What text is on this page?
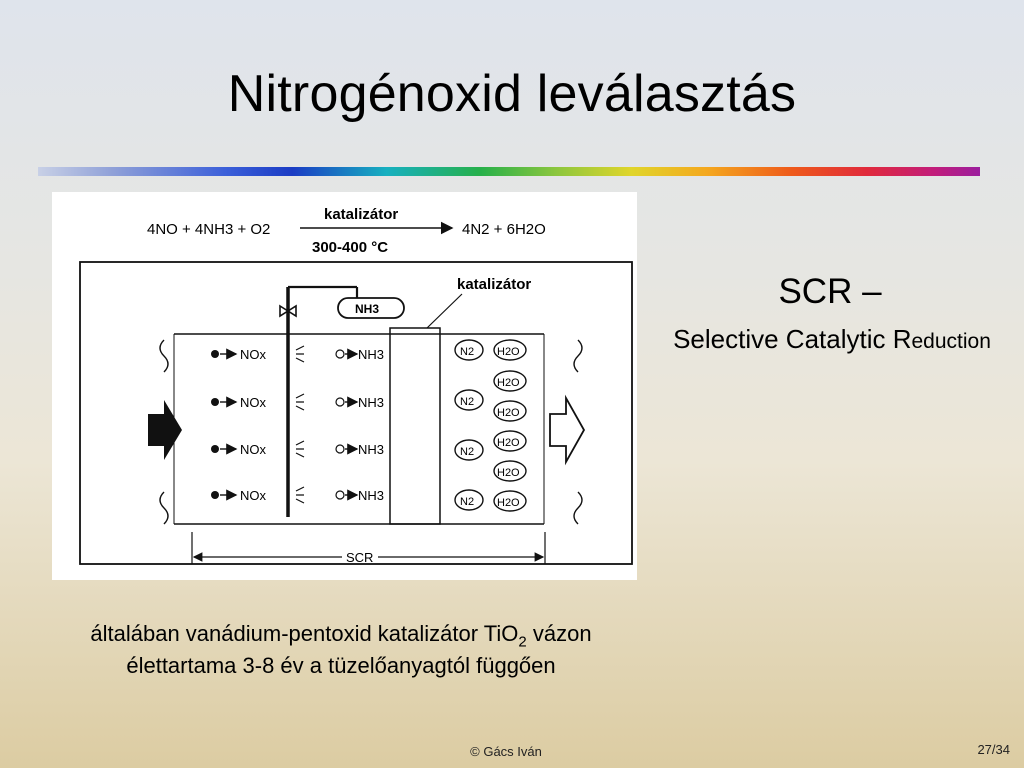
Nitrogénoxid leválasztás
4NO + 4NH3 + O2
katalizátor
300-400 °C
4N2 + 6H2O
katalizátor
NH3
NOx	NH3
NOx	NH3
NOx	NH3
NOx	NH3
N2
N2
N2
N2
H2O
H2O
H2O
H2O
H2O
H2O
SCR
SCR –
Selective Catalytic Reduction
általában vanádium-pentoxid katalizátor TiO$_2$ vázon
élettartama 3-8 év a tüzelőanyagtól függően
© Gács Iván	27/34
